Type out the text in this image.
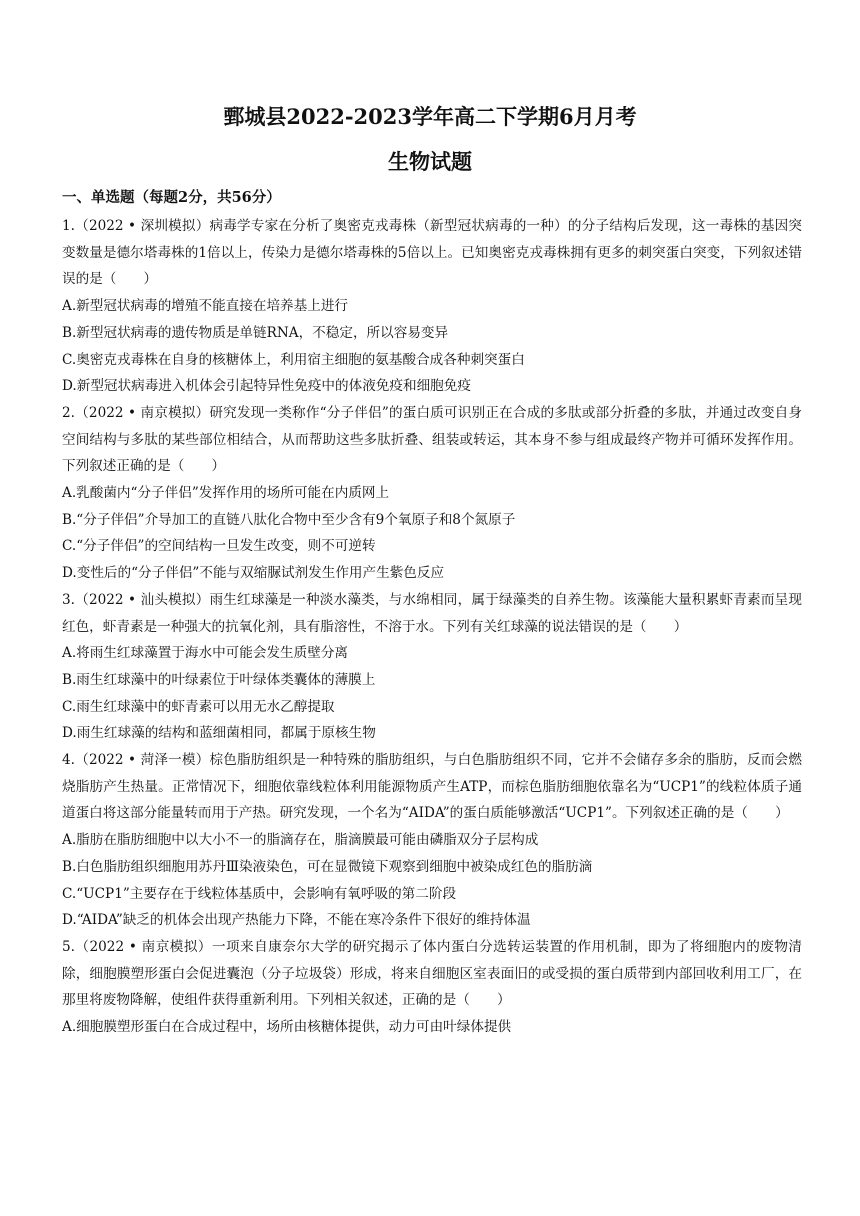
鄄城县2022-2023学年高二下学期6月月考
生物试题
一、单选题（每题2分，共56分）
1.（2022 • 深圳模拟）病毒学专家在分析了奥密克戎毒株（新型冠状病毒的一种）的分子结构后发现，这一毒株的基因突变数量是德尔塔毒株的1倍以上，传染力是德尔塔毒株的5倍以上。已知奥密克戎毒株拥有更多的刺突蛋白突变，下列叙述错误的是（　　）
A.新型冠状病毒的增殖不能直接在培养基上进行
B.新型冠状病毒的遗传物质是单链RNA，不稳定，所以容易变异
C.奥密克戎毒株在自身的核糖体上，利用宿主细胞的氨基酸合成各种刺突蛋白
D.新型冠状病毒进入机体会引起特异性免疫中的体液免疫和细胞免疫
2.（2022 • 南京模拟）研究发现一类称作“分子伴侣”的蛋白质可识别正在合成的多肽或部分折叠的多肽，并通过改变自身空间结构与多肽的某些部位相结合，从而帮助这些多肽折叠、组装或转运，其本身不参与组成最终产物并可循环发挥作用。下列叙述正确的是（　　）
A.乳酸菌内“分子伴侣”发挥作用的场所可能在内质网上
B.“分子伴侣”介导加工的直链八肽化合物中至少含有9个氧原子和8个氮原子
C.“分子伴侣”的空间结构一旦发生改变，则不可逆转
D.变性后的“分子伴侣”不能与双缩脲试剂发生作用产生紫色反应
3.（2022 • 汕头模拟）雨生红球藻是一种淡水藻类，与水绵相同，属于绿藻类的自养生物。该藻能大量积累虾青素而呈现红色，虾青素是一种强大的抗氧化剂，具有脂溶性，不溶于水。下列有关红球藻的说法错误的是（　　）
A.将雨生红球藻置于海水中可能会发生质壁分离
B.雨生红球藻中的叶绿素位于叶绿体类囊体的薄膜上
C.雨生红球藻中的虾青素可以用无水乙醇提取
D.雨生红球藻的结构和蓝细菌相同，都属于原核生物
4.（2022 • 菏泽一模）棕色脂肪组织是一种特殊的脂肪组织，与白色脂肪组织不同，它并不会储存多余的脂肪，反而会燃烧脂肪产生热量。正常情况下，细胞依靠线粒体利用能源物质产生ATP，而棕色脂肪细胞依靠名为“UCP1”的线粒体质子通道蛋白将这部分能量转而用于产热。研究发现，一个名为“AIDA”的蛋白质能够激活“UCP1”。下列叙述正确的是（　　）
A.脂肪在脂肪细胞中以大小不一的脂滴存在，脂滴膜最可能由磷脂双分子层构成
B.白色脂肪组织细胞用苏丹Ⅲ染液染色，可在显微镜下观察到细胞中被染成红色的脂肪滴
C.“UCP1”主要存在于线粒体基质中，会影响有氧呼吸的第二阶段
D.“AIDA”缺乏的机体会出现产热能力下降，不能在寒冷条件下很好的维持体温
5.（2022 • 南京模拟）一项来自康奈尔大学的研究揭示了体内蛋白分选转运装置的作用机制，即为了将细胞内的废物清除，细胞膜塑形蛋白会促进囊泡（分子垃圾袋）形成，将来自细胞区室表面旧的或受损的蛋白质带到内部回收利用工厂，在那里将废物降解，使组件获得重新利用。下列相关叙述，正确的是（　　）
A.细胞膜塑形蛋白在合成过程中，场所由核糖体提供，动力可由叶绿体提供
